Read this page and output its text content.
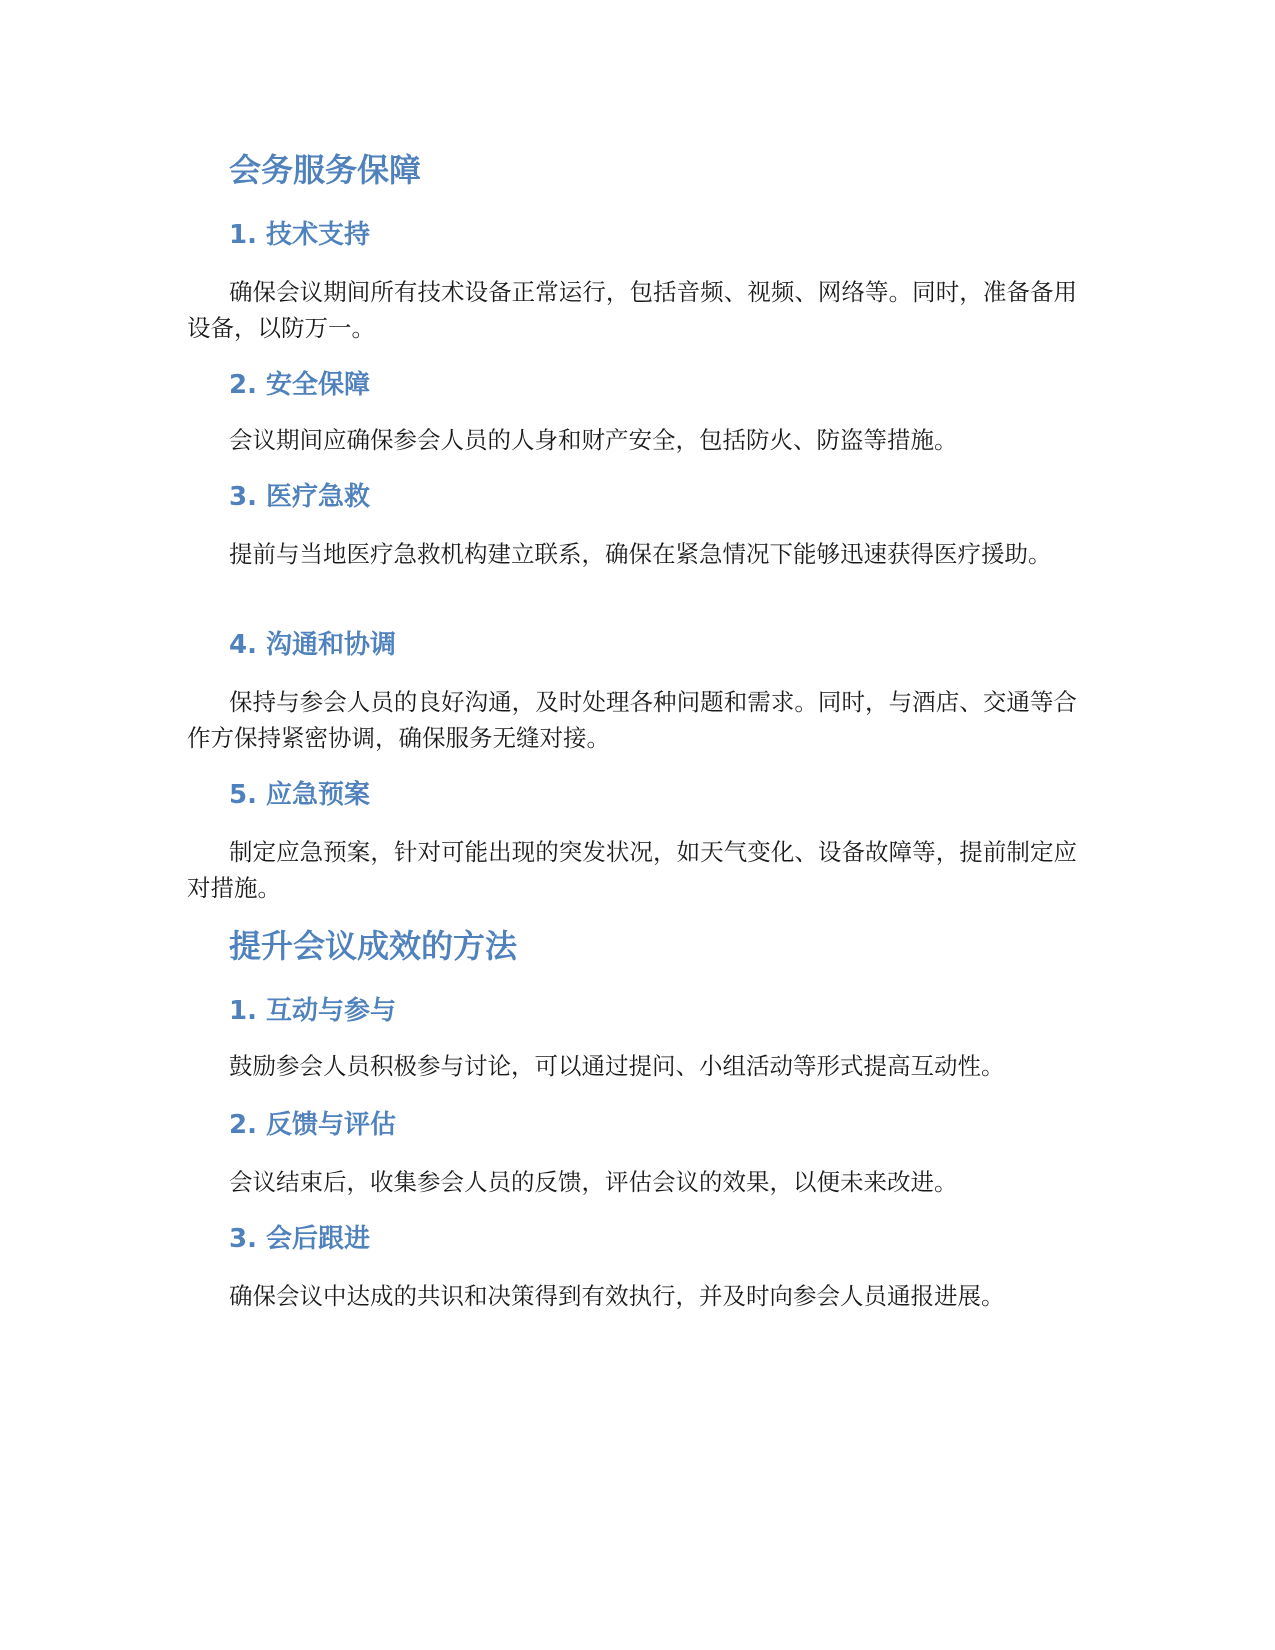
会务服务保障
1. 技术支持

确保会议期间所有技术设备正常运行，包括音频、视频、网络等。同时，准备备用设备，以防万一。

2. 安全保障

会议期间应确保参会人员的人身和财产安全，包括防火、防盗等措施。

3. 医疗急救

提前与当地医疗急救机构建立联系，确保在紧急情况下能够迅速获得医疗援助。

4. 沟通和协调

保持与参会人员的良好沟通，及时处理各种问题和需求。同时，与酒店、交通等合作方保持紧密协调，确保服务无缝对接。

5. 应急预案

制定应急预案，针对可能出现的突发状况，如天气变化、设备故障等，提前制定应对措施。

提升会议成效的方法
1. 互动与参与

鼓励参会人员积极参与讨论，可以通过提问、小组活动等形式提高互动性。

2. 反馈与评估

会议结束后，收集参会人员的反馈，评估会议的效果，以便未来改进。

3. 会后跟进

确保会议中达成的共识和决策得到有效执行，并及时向参会人员通报进展。
